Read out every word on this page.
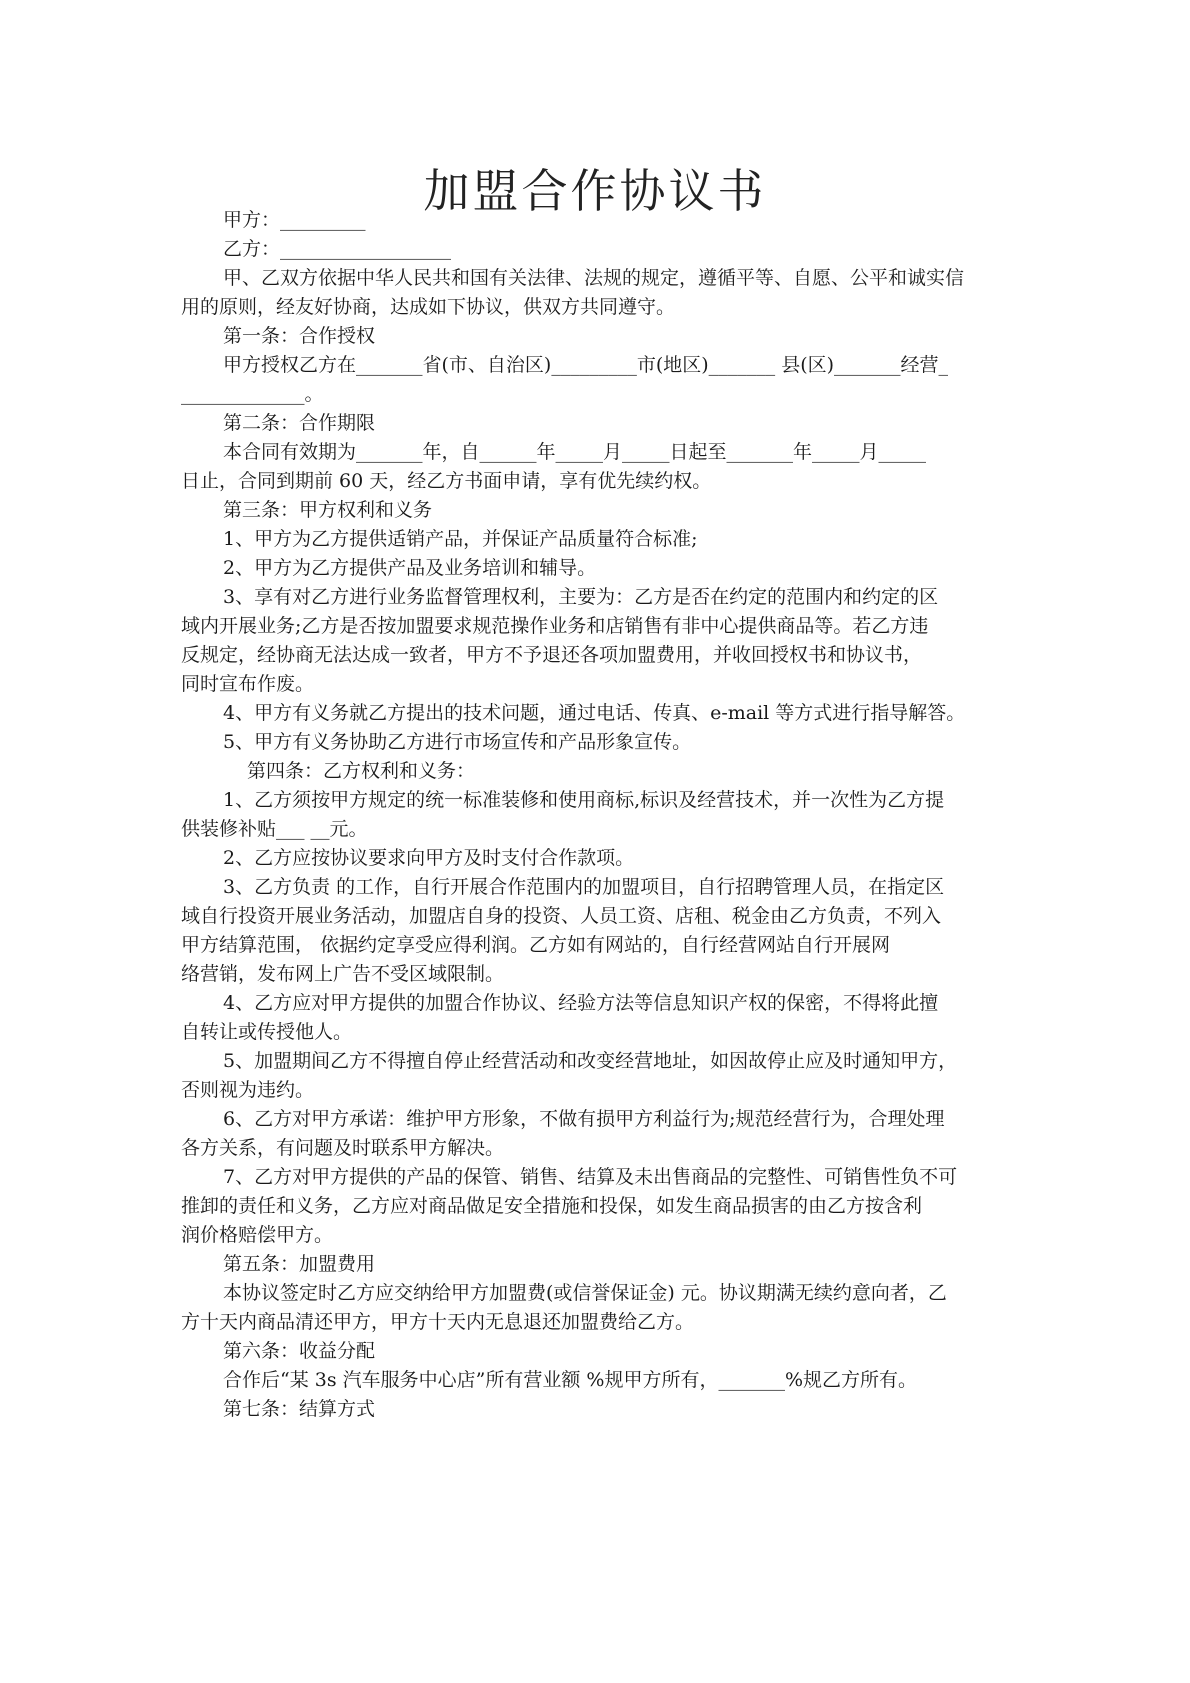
加盟合作协议书
甲方：_________
乙方：__________________
甲、乙双方依据中华人民共和国有关法律、法规的规定，遵循平等、自愿、公平和诚实信
用的原则，经友好协商，达成如下协议，供双方共同遵守。
第一条：合作授权
甲方授权乙方在_______省(市、自治区)_________市(地区)_______ 县(区)_______经营_
_____________。
第二条：合作期限
本合同有效期为_______年，自______年_____月_____日起至_______年_____月_____
日止，合同到期前 60 天，经乙方书面申请，享有优先续约权。
第三条：甲方权利和义务
1、甲方为乙方提供适销产品，并保证产品质量符合标准;
2、甲方为乙方提供产品及业务培训和辅导。
3、享有对乙方进行业务监督管理权利，主要为：乙方是否在约定的范围内和约定的区
域内开展业务;乙方是否按加盟要求规范操作业务和店销售有非中心提供商品等。若乙方违
反规定，经协商无法达成一致者，甲方不予退还各项加盟费用，并收回授权书和协议书，
同时宣布作废。
4、甲方有义务就乙方提出的技术问题，通过电话、传真、e-mail 等方式进行指导解答。
5、甲方有义务协助乙方进行市场宣传和产品形象宣传。
第四条：乙方权利和义务：
1、乙方须按甲方规定的统一标准装修和使用商标,标识及经营技术，并一次性为乙方提
供装修补贴___ __元。
2、乙方应按协议要求向甲方及时支付合作款项。
3、乙方负责 的工作，自行开展合作范围内的加盟项目，自行招聘管理人员，在指定区
域自行投资开展业务活动，加盟店自身的投资、人员工资、店租、税金由乙方负责，不列入
甲方结算范围， 依据约定享受应得利润。乙方如有网站的，自行经营网站自行开展网
络营销，发布网上广告不受区域限制。
4、乙方应对甲方提供的加盟合作协议、经验方法等信息知识产权的保密，不得将此擅
自转让或传授他人。
5、加盟期间乙方不得擅自停止经营活动和改变经营地址，如因故停止应及时通知甲方，
否则视为违约。
6、乙方对甲方承诺：维护甲方形象，不做有损甲方利益行为;规范经营行为，合理处理
各方关系，有问题及时联系甲方解决。
7、乙方对甲方提供的产品的保管、销售、结算及未出售商品的完整性、可销售性负不可
推卸的责任和义务，乙方应对商品做足安全措施和投保，如发生商品损害的由乙方按含利
润价格赔偿甲方。
第五条：加盟费用
本协议签定时乙方应交纳给甲方加盟费(或信誉保证金) 元。协议期满无续约意向者，乙
方十天内商品清还甲方，甲方十天内无息退还加盟费给乙方。
第六条：收益分配
合作后“某 3s 汽车服务中心店”所有营业额 %规甲方所有，_______%规乙方所有。
第七条：结算方式
